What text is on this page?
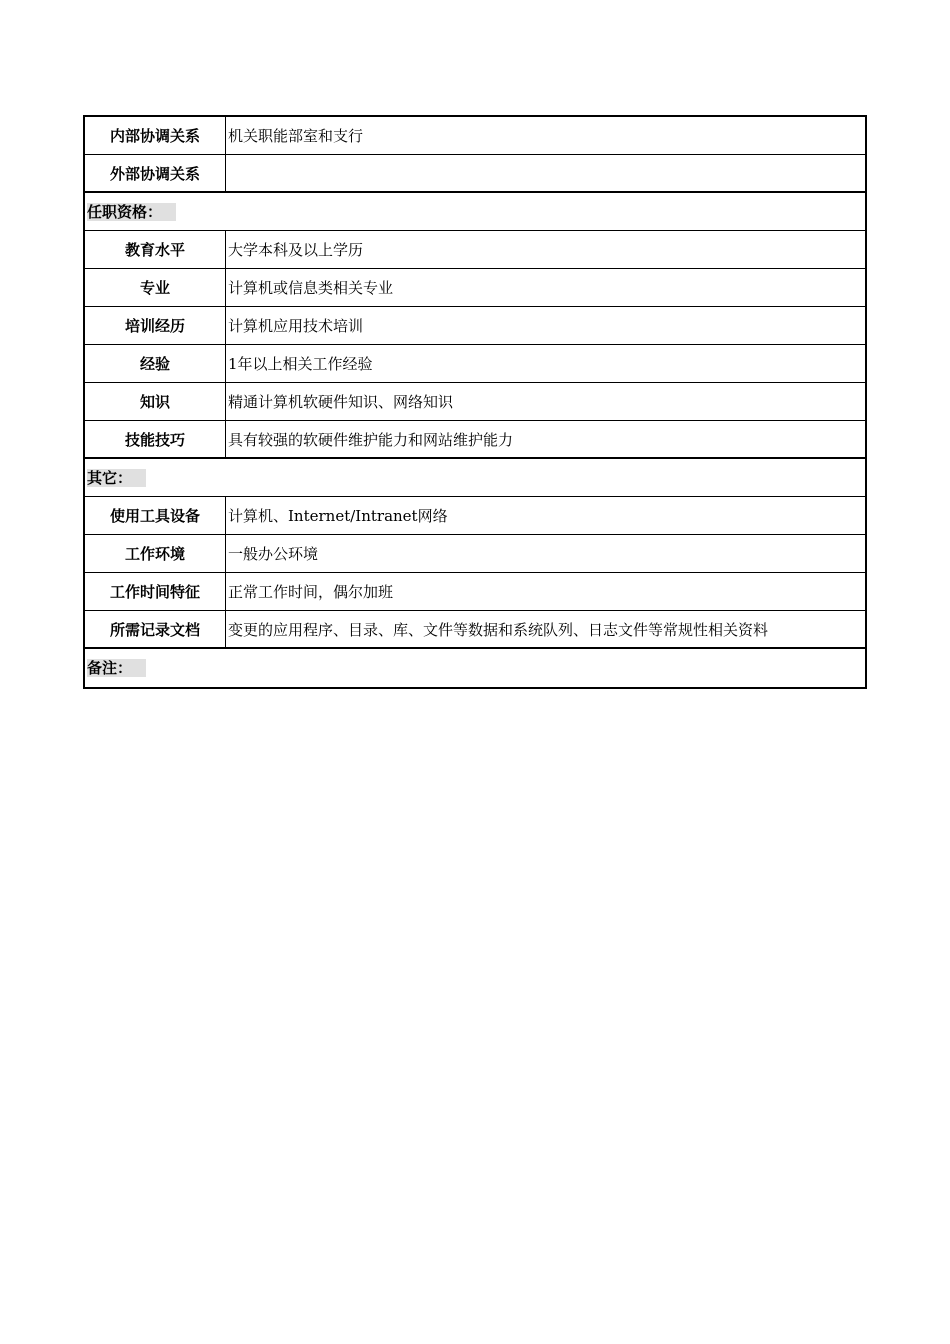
内部协调关系	机关职能部室和支行
外部协调关系
任职资格：
教育水平	大学本科及以上学历
专业	计算机或信息类相关专业
培训经历	计算机应用技术培训
经验	1年以上相关工作经验
知识	精通计算机软硬件知识、网络知识
技能技巧	具有较强的软硬件维护能力和网站维护能力
其它：
使用工具设备	计算机、Internet/Intranet网络
工作环境	一般办公环境
工作时间特征	正常工作时间，偶尔加班
所需记录文档	变更的应用程序、目录、库、文件等数据和系统队列、日志文件等常规性相关资料
备注：
